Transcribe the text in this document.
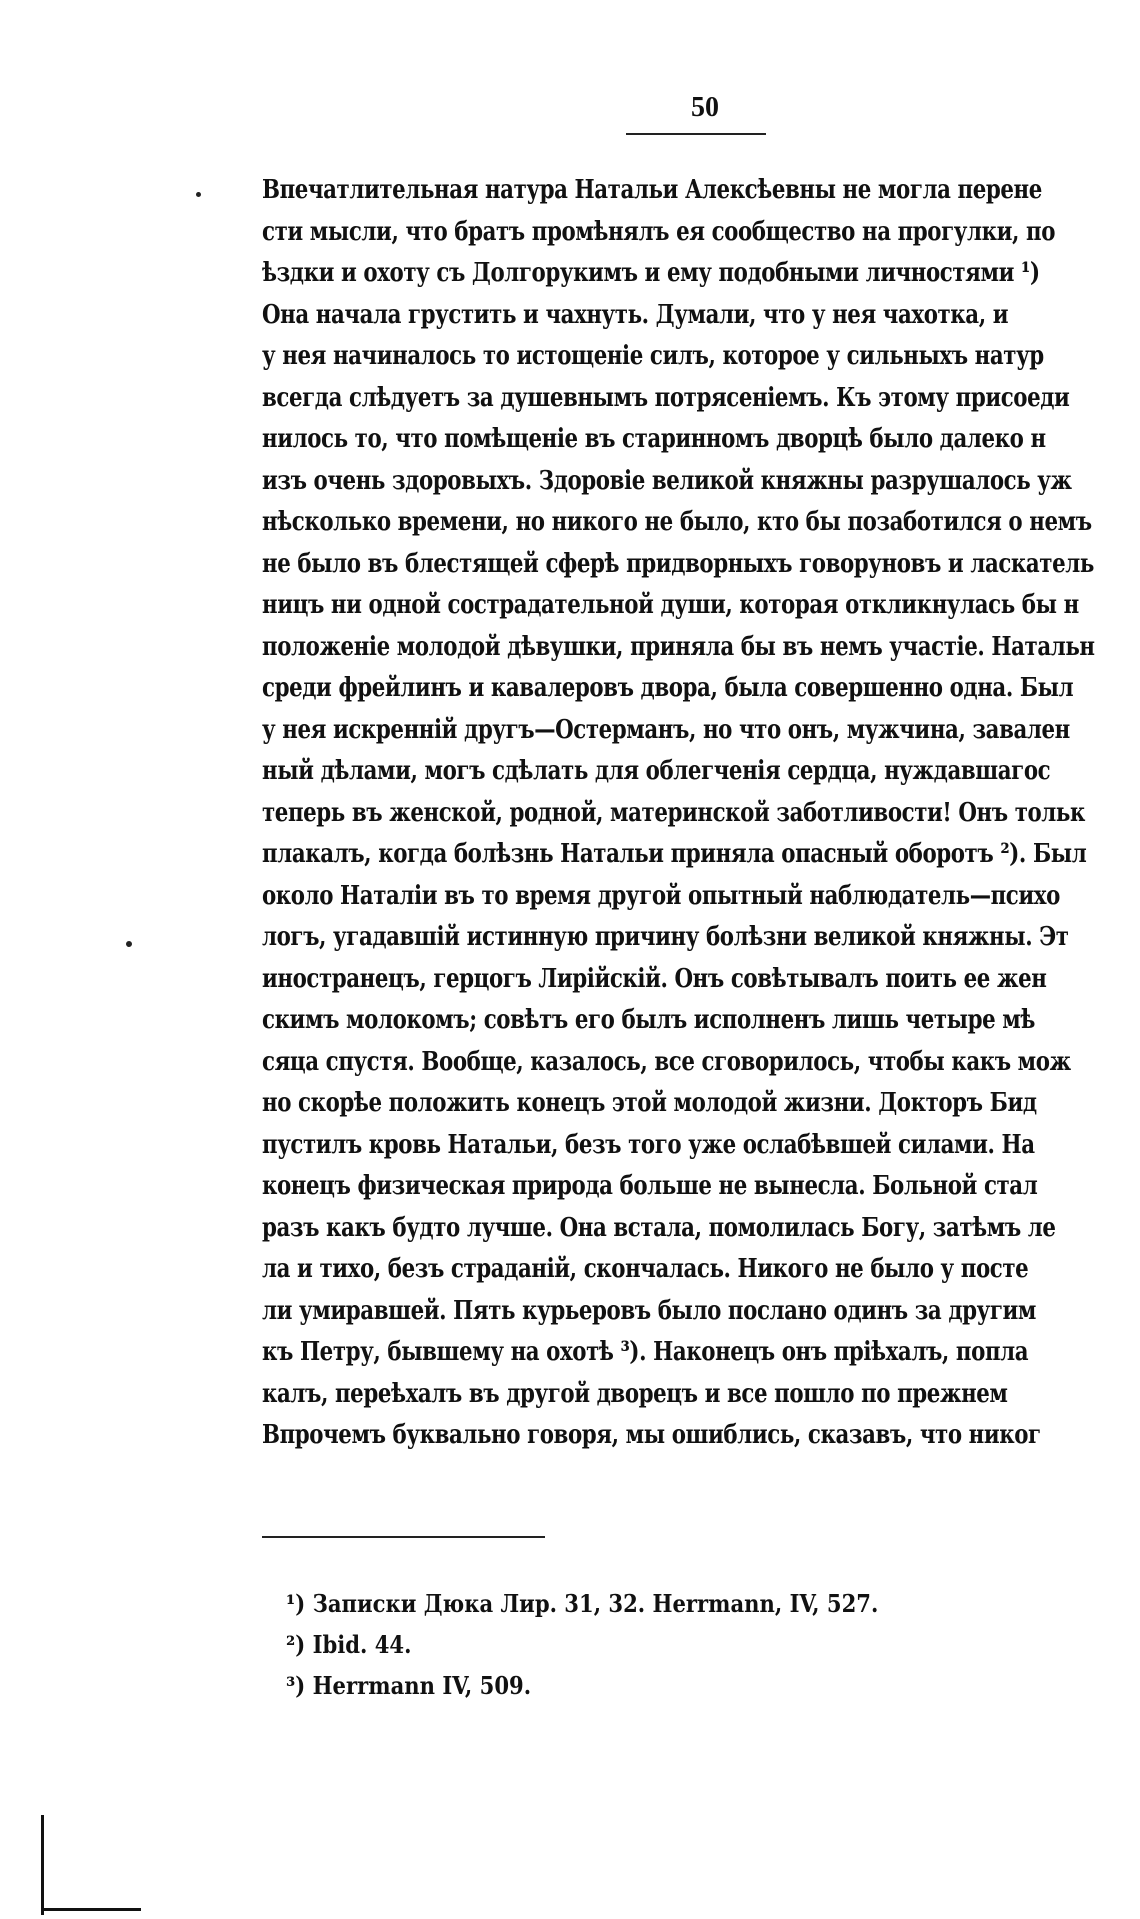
50
Впечатлительная натура Натальи Алексѣевны не могла перене
сти мысли, что братъ промѣнялъ ея сообщество на прогулки, по
ѣздки и охоту съ Долгорукимъ и ему подобными личностями ¹)
Она начала грустить и чахнуть. Думали, что у нея чахотка, и
у нея начиналось то истощеніе силъ, которое у сильныхъ натур
всегда слѣдуетъ за душевнымъ потрясеніемъ. Къ этому присоеди
нилось то, что помѣщеніе въ старинномъ дворцѣ было далеко н
изъ очень здоровыхъ. Здоровіе великой княжны разрушалось уж
нѣсколько времени, но никого не было, кто бы позаботился о немъ
не было въ блестящей сферѣ придворныхъ говоруновъ и ласкатель
ницъ ни одной сострадательной души, которая откликнулась бы н
положеніе молодой дѣвушки, приняла бы въ немъ участіе. Натальн
среди фрейлинъ и кавалеровъ двора, была совершенно одна. Был
у нея искренній другъ—Остерманъ, но что онъ, мужчина, завален
ный дѣлами, могъ сдѣлать для облегченія сердца, нуждавшагос
теперь въ женской, родной, материнской заботливости! Онъ тольк
плакалъ, когда болѣзнь Натальи приняла опасный оборотъ ²). Был
около Наталіи въ то время другой опытный наблюдатель—психо
логъ, угадавшій истинную причину болѣзни великой княжны. Эт
иностранецъ, герцогъ Лирійскій. Онъ совѣтывалъ поить ее жен
скимъ молокомъ; совѣтъ его былъ исполненъ лишь четыре мѣ
сяца спустя. Вообще, казалось, все сговорилось, чтобы какъ мож
но скорѣе положить конецъ этой молодой жизни. Докторъ Бид
пустилъ кровь Натальи, безъ того уже ослабѣвшей силами. На
конецъ физическая природа больше не вынесла. Больной стал
разъ какъ будто лучше. Она встала, помолилась Богу, затѣмъ ле
ла и тихо, безъ страданій, скончалась. Никого не было у посте
ли умиравшей. Пять курьеровъ было послано одинъ за другим
къ Петру, бывшему на охотѣ ³). Наконецъ онъ пріѣхалъ, попла
калъ, переѣхалъ въ другой дворецъ и все пошло по прежнем
Впрочемъ буквально говоря, мы ошиблись, сказавъ, что никог
¹) Записки Дюка Лир. 31, 32. Herrmann, IV, 527.
²) Ibid. 44.
³) Herrmann IV, 509.
